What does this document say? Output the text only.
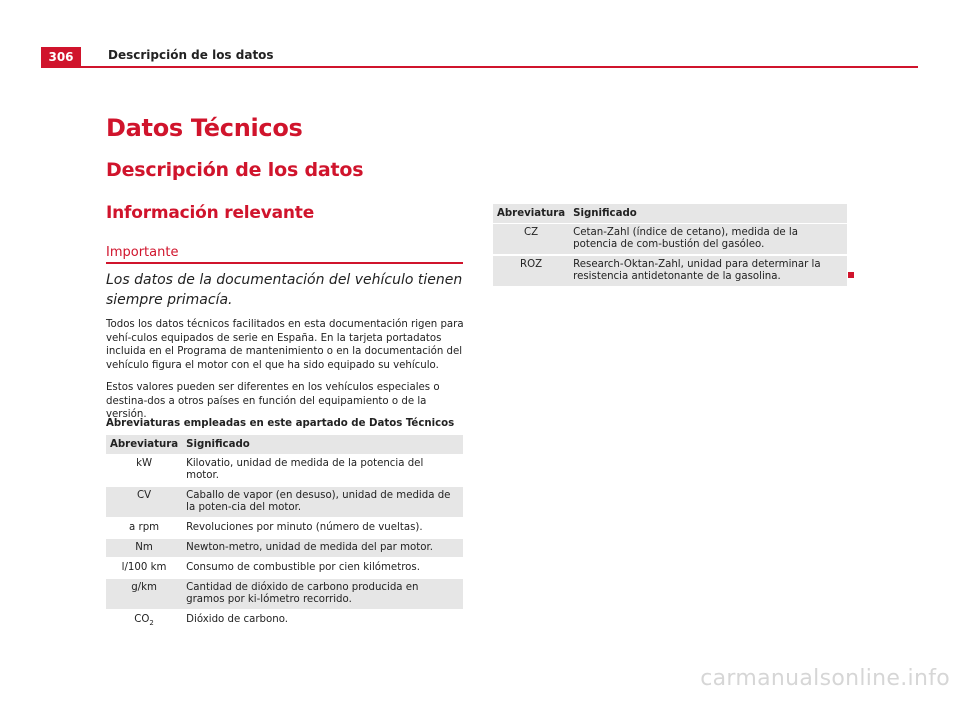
306	Descripción de los datos
Datos Técnicos
Descripción de los datos
Información relevante
Importante
Los datos de la documentación del vehículo tienen siempre primacía.
Todos los datos técnicos facilitados en esta documentación rigen para vehí-culos equipados de serie en España. En la tarjeta portadatos incluida en el Programa de mantenimiento o en la documentación del vehículo figura el motor con el que ha sido equipado su vehículo.
Estos valores pueden ser diferentes en los vehículos especiales o destina-dos a otros países en función del equipamiento o de la versión.
Abreviaturas empleadas en este apartado de Datos Técnicos
Abreviatura	Significado
kW	Kilovatio, unidad de medida de la potencia del motor.
CV	Caballo de vapor (en desuso), unidad de medida de la poten-cia del motor.
a rpm	Revoluciones por minuto (número de vueltas).
Nm	Newton-metro, unidad de medida del par motor.
l/100 km	Consumo de combustible por cien kilómetros.
g/km	Cantidad de dióxido de carbono producida en gramos por ki-lómetro recorrido.
$CO_2$	Dióxido de carbono.
Abreviatura	Significado
CZ	Cetan-Zahl (índice de cetano), medida de la potencia de com-bustión del gasóleo.
ROZ	Research-Oktan-Zahl, unidad para determinar la resistencia antidetonante de la gasolina.
carmanualsonline.info
